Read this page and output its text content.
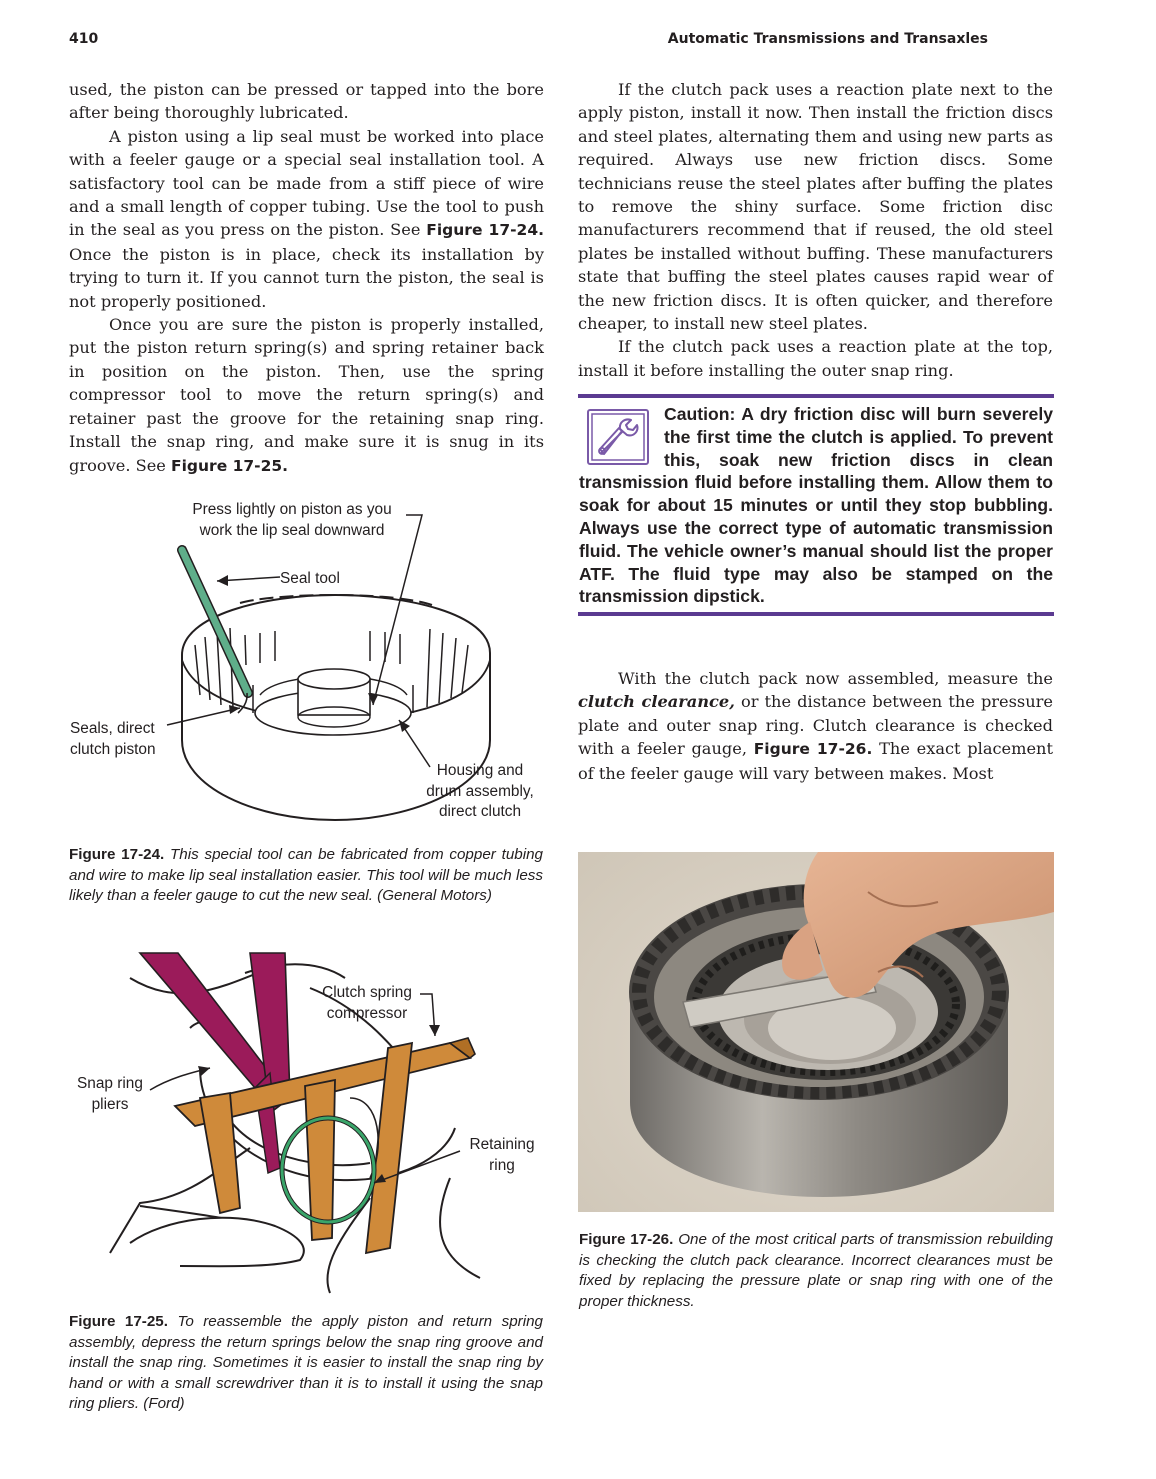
410	Automatic Transmissions and Transaxles

used, the piston can be pressed or tapped into the bore after being thoroughly lubricated.

A piston using a lip seal must be worked into place with a feeler gauge or a special seal installation tool. A satisfactory tool can be made from a stiff piece of wire and a small length of copper tubing. Use the tool to push in the seal as you press on the piston. See Figure 17-24. Once the piston is in place, check its installation by trying to turn it. If you cannot turn the piston, the seal is not properly positioned.

Once you are sure the piston is properly installed, put the piston return spring(s) and spring retainer back in position on the piston. Then, use the spring compressor tool to move the return spring(s) and retainer past the groove for the retaining snap ring. Install the snap ring, and make sure it is snug in its groove. See Figure 17-25.

If the clutch pack uses a reaction plate next to the apply piston, install it now. Then install the friction discs and steel plates, alternating them and using new parts as required. Always use new friction discs. Some technicians reuse the steel plates after buffing the plates to remove the shiny surface. Some friction disc manufacturers recommend that if reused, the old steel plates be installed without buffing. These manufacturers state that buffing the steel plates causes rapid wear of the new friction discs. It is often quicker, and therefore cheaper, to install new steel plates.

If the clutch pack uses a reaction plate at the top, install it before installing the outer snap ring.

Caution: A dry friction disc will burn severely the first time the clutch is applied. To prevent this, soak new friction discs in clean transmission fluid before installing them. Allow them to soak for about 15 minutes or until they stop bubbling. Always use the correct type of automatic transmission fluid. The vehicle owner’s manual should list the proper ATF. The fluid type may also be stamped on the transmission dipstick.

With the clutch pack now assembled, measure the clutch clearance, or the distance between the pressure plate and outer snap ring. Clutch clearance is checked with a feeler gauge, Figure 17-26. The exact placement of the feeler gauge will vary between makes. Most

Press lightly on piston as you
work the lip seal downward
Seal tool
Seals, direct
clutch piston
Housing and
drum assembly,
direct clutch
Figure 17-24. This special tool can be fabricated from copper tubing and wire to make lip seal installation easier. This tool will be much less likely than a feeler gauge to cut the new seal. (General Motors)
Clutch spring
compressor
Snap ring
pliers
Retaining
ring
Figure 17-25. To reassemble the apply piston and return spring assembly, depress the return springs below the snap ring groove and install the snap ring. Sometimes it is easier to install the snap ring by hand or with a small screwdriver than it is to install it using the snap ring pliers. (Ford)
Figure 17-26. One of the most critical parts of transmission rebuilding is checking the clutch pack clearance. Incorrect clearances must be fixed by replacing the pressure plate or snap ring with one of the proper thickness.
